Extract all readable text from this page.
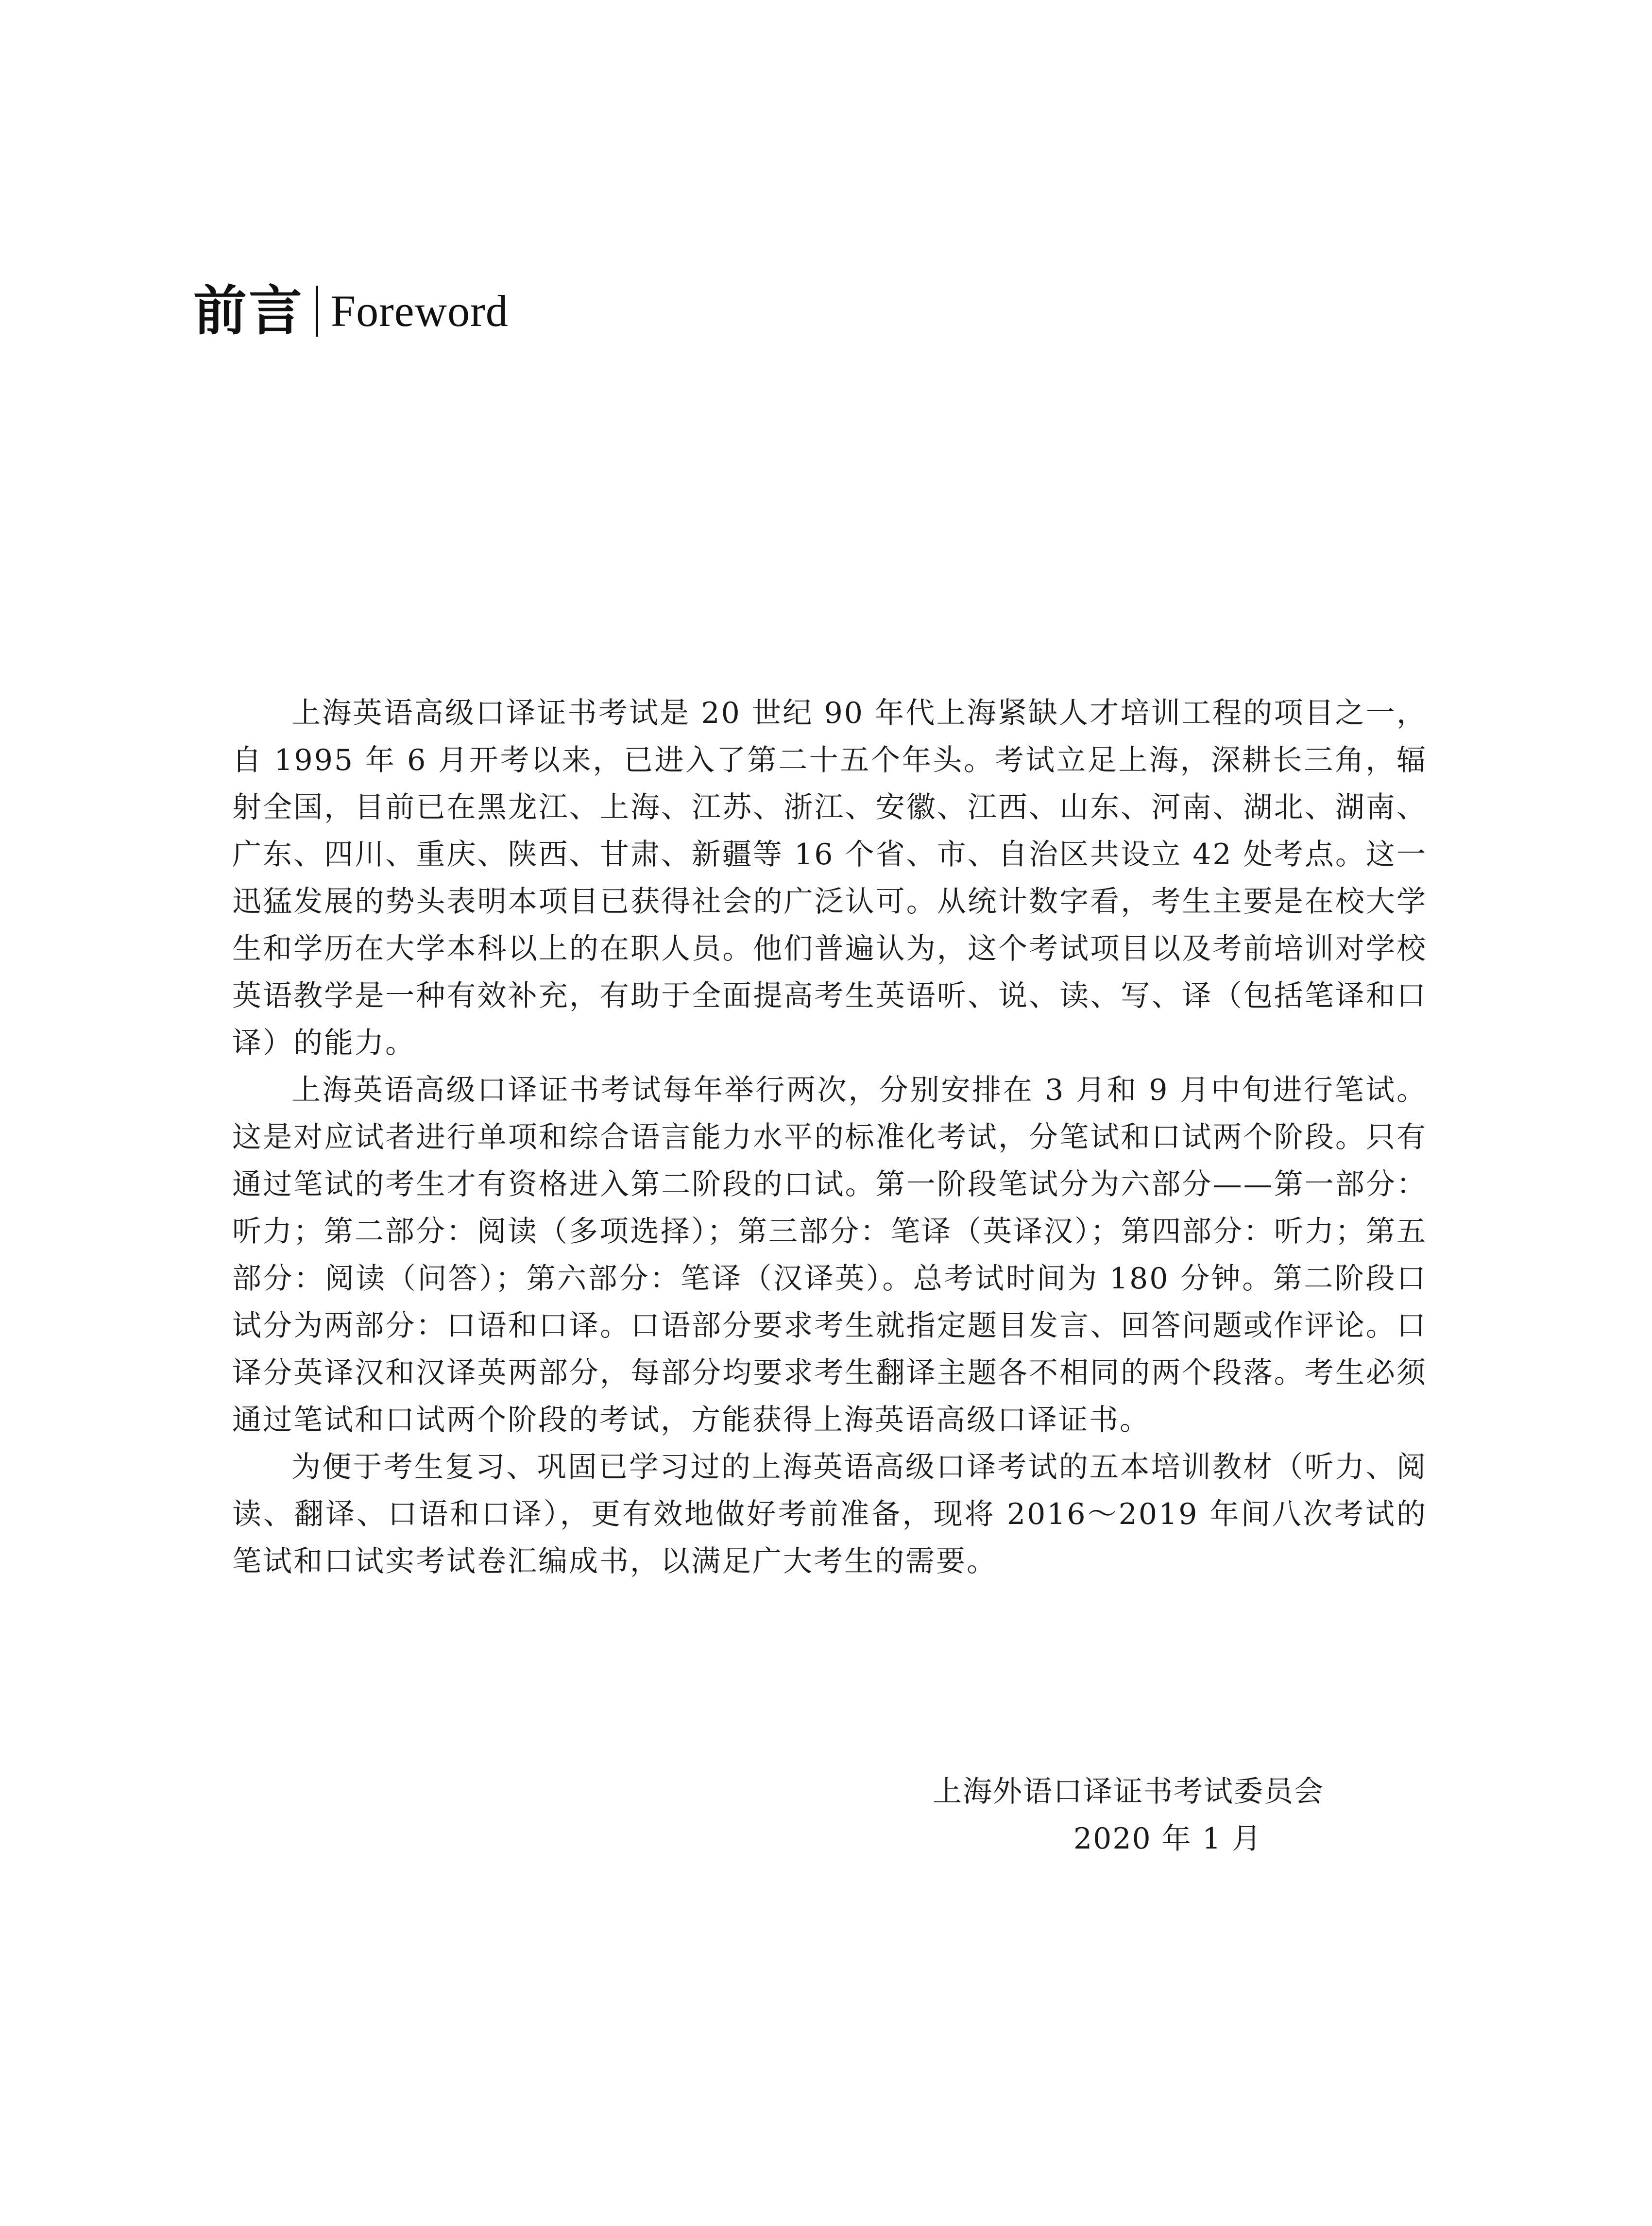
前言 Foreword

上海英语高级口译证书考试是 20 世纪 90 年代上海紧缺人才培训工程的项目之一，自 1995 年 6 月开考以来，已进入了第二十五个年头。考试立足上海，深耕长三角，辐射全国，目前已在黑龙江、上海、江苏、浙江、安徽、江西、山东、河南、湖北、湖南、广东、四川、重庆、陕西、甘肃、新疆等 16 个省、市、自治区共设立 42 处考点。这一迅猛发展的势头表明本项目已获得社会的广泛认可。从统计数字看，考生主要是在校大学生和学历在大学本科以上的在职人员。他们普遍认为，这个考试项目以及考前培训对学校英语教学是一种有效补充，有助于全面提高考生英语听、说、读、写、译（包括笔译和口译）的能力。

上海英语高级口译证书考试每年举行两次，分别安排在 3 月和 9 月中旬进行笔试。这是对应试者进行单项和综合语言能力水平的标准化考试，分笔试和口试两个阶段。只有通过笔试的考生才有资格进入第二阶段的口试。第一阶段笔试分为六部分——第一部分：听力；第二部分：阅读（多项选择）；第三部分：笔译（英译汉）；第四部分：听力；第五部分：阅读（问答）；第六部分：笔译（汉译英）。总考试时间为 180 分钟。第二阶段口试分为两部分：口语和口译。口语部分要求考生就指定题目发言、回答问题或作评论。口译分英译汉和汉译英两部分，每部分均要求考生翻译主题各不相同的两个段落。考生必须通过笔试和口试两个阶段的考试，方能获得上海英语高级口译证书。

为便于考生复习、巩固已学习过的上海英语高级口译考试的五本培训教材（听力、阅读、翻译、口语和口译），更有效地做好考前准备，现将 2016～2019 年间八次考试的笔试和口试实考试卷汇编成书，以满足广大考生的需要。

上海外语口译证书考试委员会
2020 年 1 月
